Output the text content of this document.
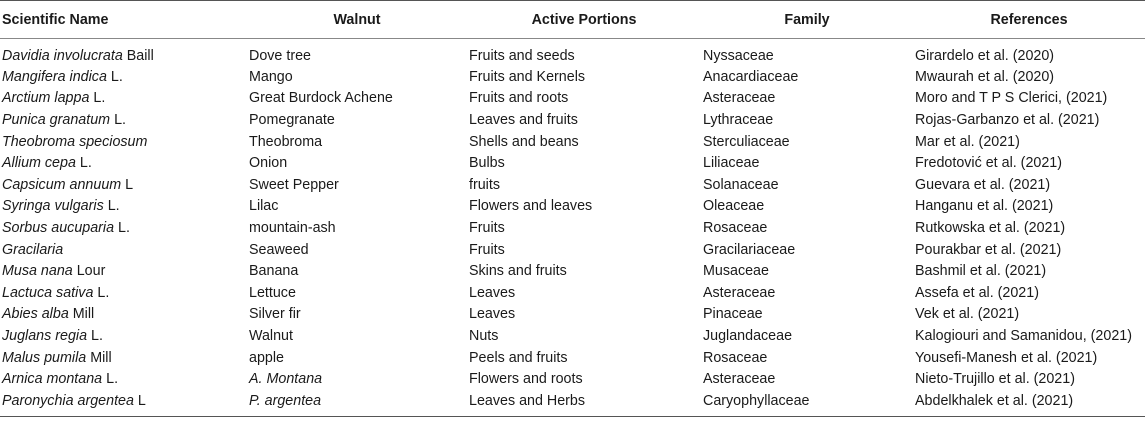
Scientific Name	Walnut	Active Portions	Family	References
Davidia involucrata Baill	Dove tree	Fruits and seeds	Nyssaceae	Girardelo et al. (2020)
Mangifera indica L.	Mango	Fruits and Kernels	Anacardiaceae	Mwaurah et al. (2020)
Arctium lappa L.	Great Burdock Achene	Fruits and roots	Asteraceae	Moro and T P S Clerici, (2021)
Punica granatum L.	Pomegranate	Leaves and fruits	Lythraceae	Rojas-Garbanzo et al. (2021)
Theobroma speciosum	Theobroma	Shells and beans	Sterculiaceae	Mar et al. (2021)
Allium cepa L.	Onion	Bulbs	Liliaceae	Fredotović et al. (2021)
Capsicum annuum L	Sweet Pepper	fruits	Solanaceae	Guevara et al. (2021)
Syringa vulgaris L.	Lilac	Flowers and leaves	Oleaceae	Hanganu et al. (2021)
Sorbus aucuparia L.	mountain-ash	Fruits	Rosaceae	Rutkowska et al. (2021)
Gracilaria	Seaweed	Fruits	Gracilariaceae	Pourakbar et al. (2021)
Musa nana Lour	Banana	Skins and fruits	Musaceae	Bashmil et al. (2021)
Lactuca sativa L.	Lettuce	Leaves	Asteraceae	Assefa et al. (2021)
Abies alba Mill	Silver fir	Leaves	Pinaceae	Vek et al. (2021)
Juglans regia L.	Walnut	Nuts	Juglandaceae	Kalogiouri and Samanidou, (2021)
Malus pumila Mill	apple	Peels and fruits	Rosaceae	Yousefi-Manesh et al. (2021)
Arnica montana L.	A. Montana	Flowers and roots	Asteraceae	Nieto-Trujillo et al. (2021)
Paronychia argentea L	P. argentea	Leaves and Herbs	Caryophyllaceae	Abdelkhalek et al. (2021)
